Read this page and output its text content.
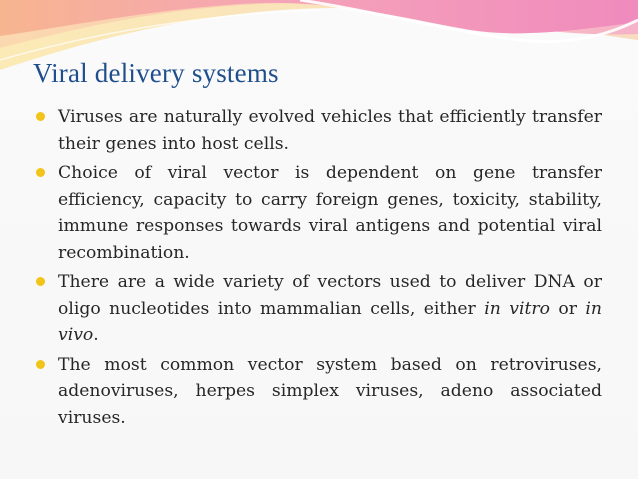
Viral delivery systems
Viruses are naturally evolved vehicles that efficiently transfer their genes into host cells.
Choice of viral vector is dependent on gene transfer efficiency, capacity to carry foreign genes, toxicity, stability, immune responses towards viral antigens and potential viral recombination.
There are a wide variety of vectors used to deliver DNA or oligo nucleotides into mammalian cells, either in vitro or in vivo.
The most common vector system based on retroviruses, adenoviruses, herpes simplex viruses, adeno associated viruses.
